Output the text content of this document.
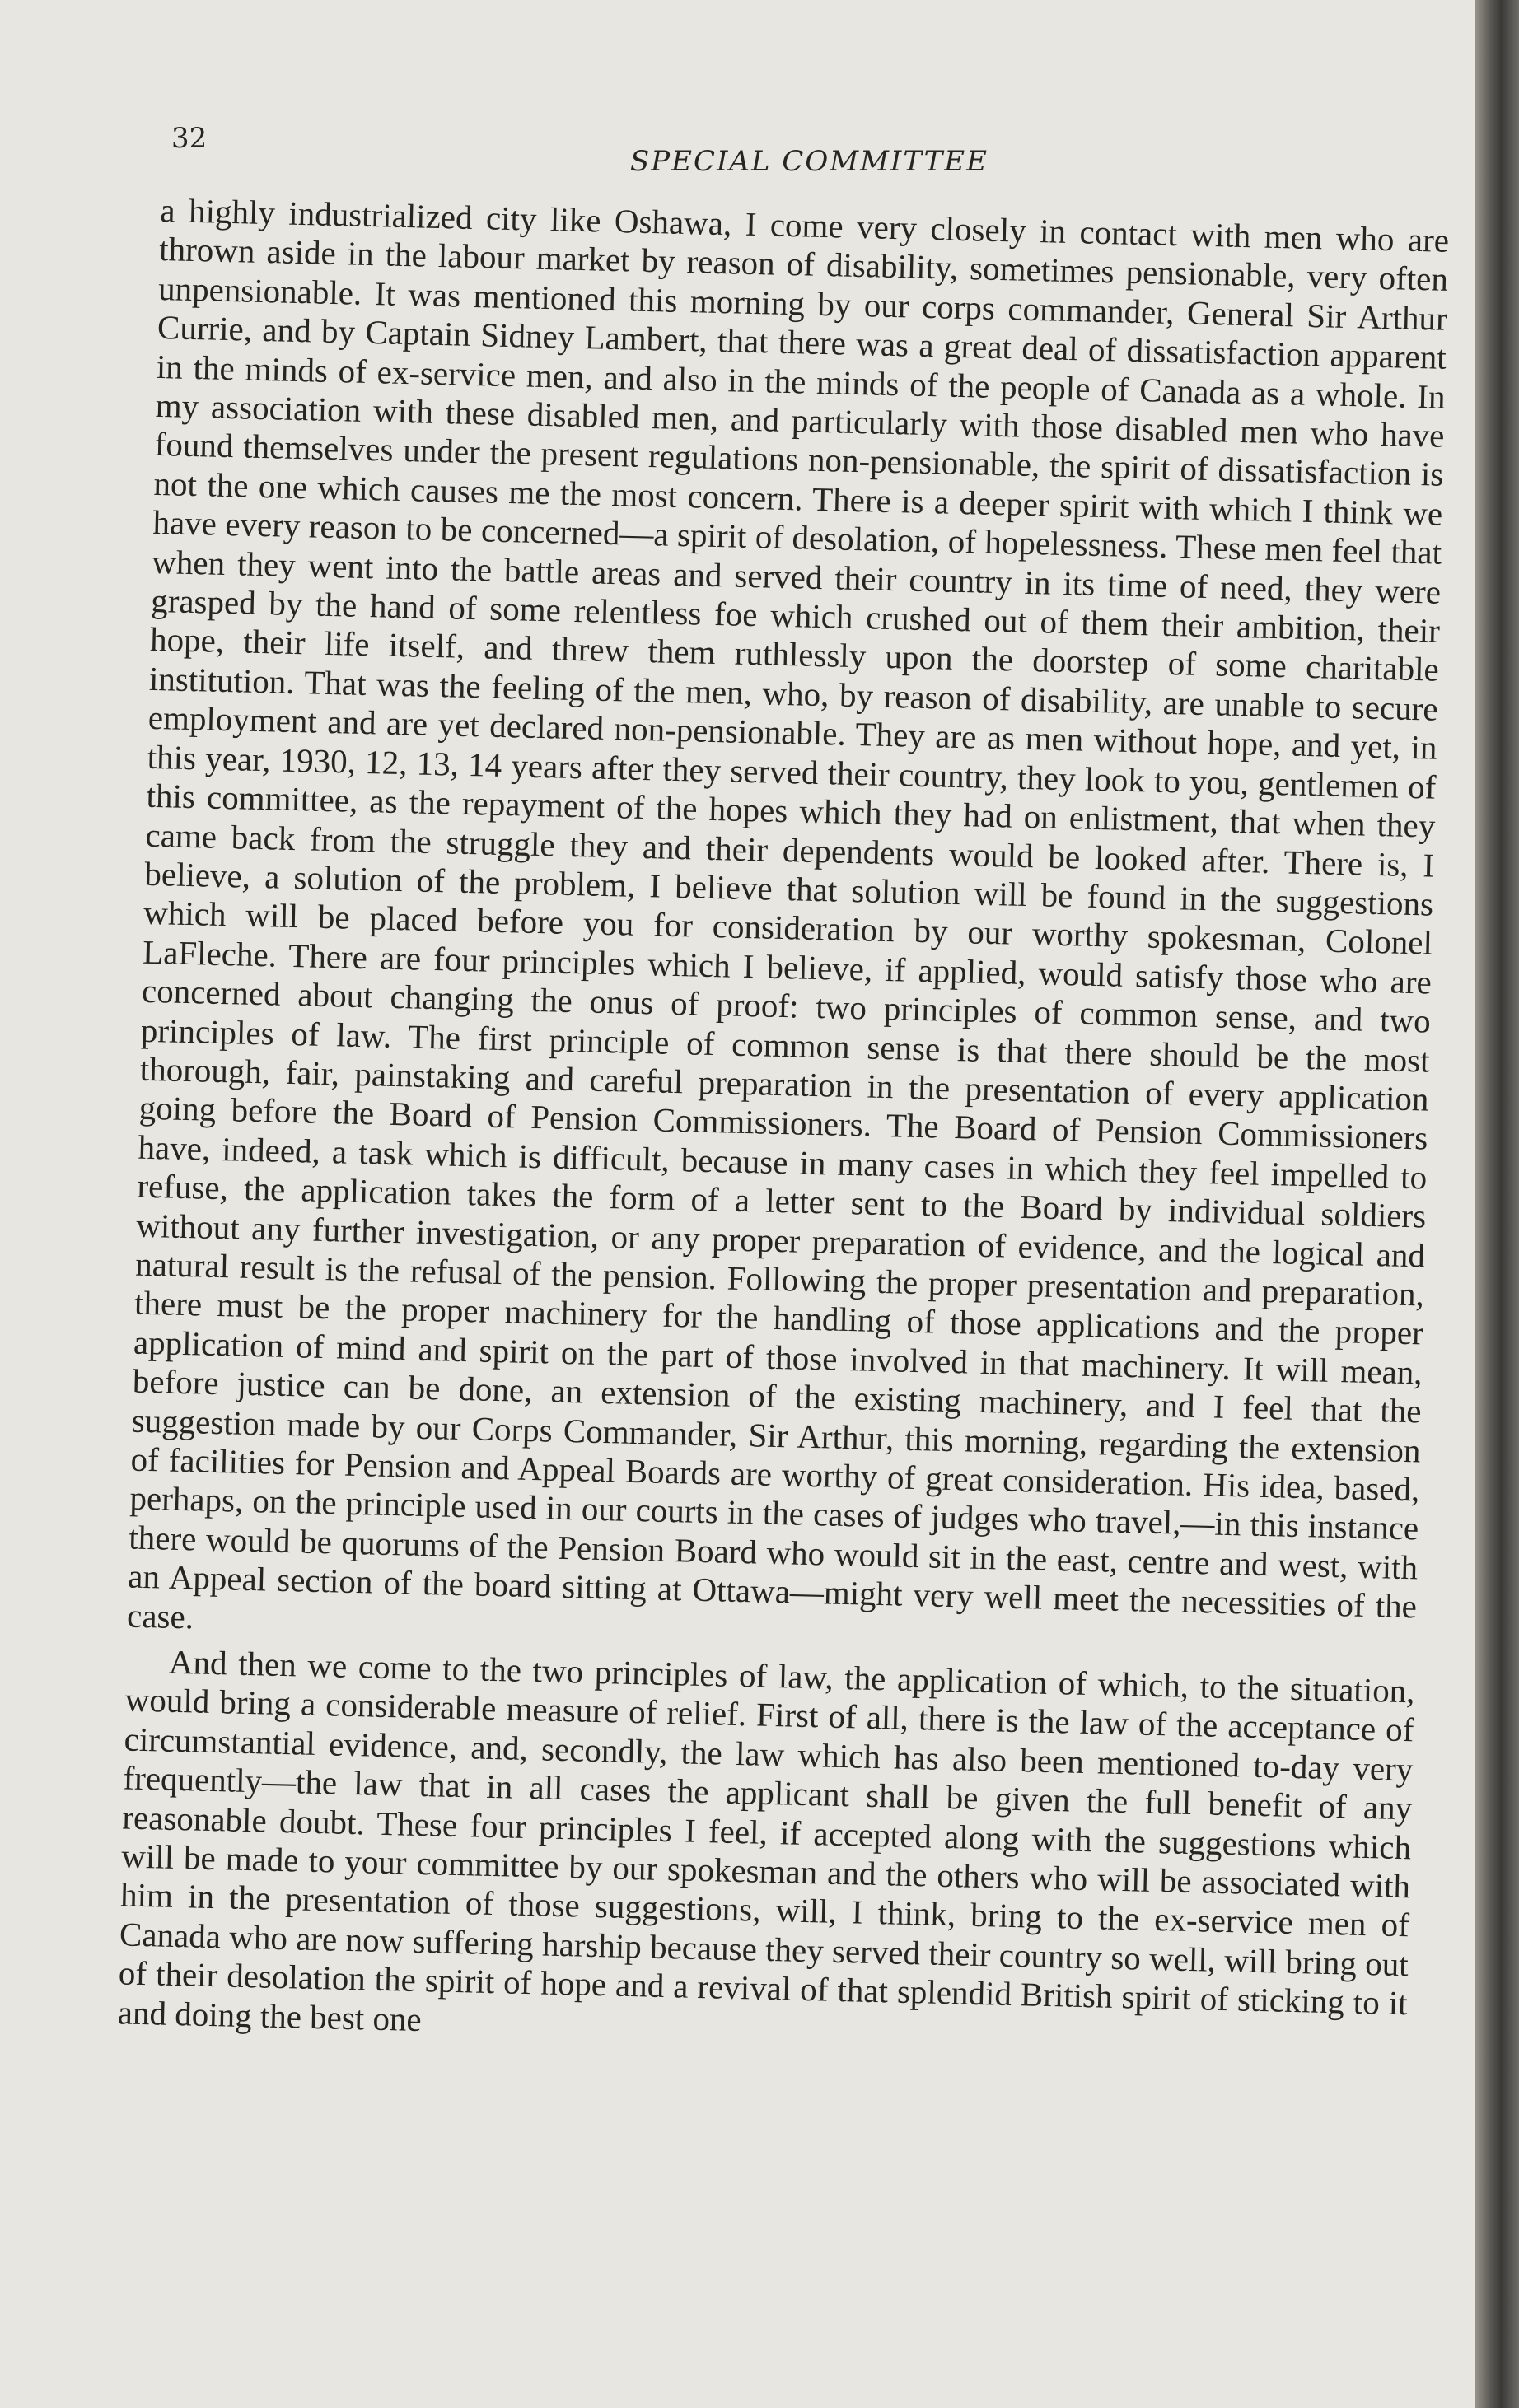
32
SPECIAL COMMITTEE

a highly industrialized city like Oshawa, I come very closely in contact with men who are thrown aside in the labour market by reason of disability, sometimes pensionable, very often unpensionable. It was mentioned this morning by our corps commander, General Sir Arthur Currie, and by Captain Sidney Lambert, that there was a great deal of dissatisfaction apparent in the minds of ex-service men, and also in the minds of the people of Canada as a whole. In my association with these disabled men, and particularly with those disabled men who have found themselves under the present regulations non-pensionable, the spirit of dissatisfaction is not the one which causes me the most concern. There is a deeper spirit with which I think we have every reason to be concerned—a spirit of desolation, of hopelessness. These men feel that when they went into the battle areas and served their country in its time of need, they were grasped by the hand of some relentless foe which crushed out of them their ambition, their hope, their life itself, and threw them ruthlessly upon the doorstep of some charitable institution. That was the feeling of the men, who, by reason of disability, are unable to secure employment and are yet declared non-pensionable. They are as men without hope, and yet, in this year, 1930, 12, 13, 14 years after they served their country, they look to you, gentlemen of this committee, as the repayment of the hopes which they had on enlistment, that when they came back from the struggle they and their dependents would be looked after. There is, I believe, a solution of the problem, I believe that solution will be found in the suggestions which will be placed before you for consideration by our worthy spokesman, Colonel LaFleche. There are four principles which I believe, if applied, would satisfy those who are concerned about changing the onus of proof: two principles of common sense, and two principles of law. The first principle of common sense is that there should be the most thorough, fair, painstaking and careful preparation in the presentation of every application going before the Board of Pension Commissioners. The Board of Pension Commissioners have, indeed, a task which is difficult, because in many cases in which they feel impelled to refuse, the application takes the form of a letter sent to the Board by individual soldiers without any further investigation, or any proper preparation of evidence, and the logical and natural result is the refusal of the pension. Following the proper presentation and preparation, there must be the proper machinery for the handling of those applications and the proper application of mind and spirit on the part of those involved in that machinery. It will mean, before justice can be done, an extension of the existing machinery, and I feel that the suggestion made by our Corps Commander, Sir Arthur, this morning, regarding the extension of facilities for Pension and Appeal Boards are worthy of great consideration. His idea, based, perhaps, on the principle used in our courts in the cases of judges who travel,—in this instance there would be quorums of the Pension Board who would sit in the east, centre and west, with an Appeal section of the board sitting at Ottawa—might very well meet the necessities of the case.

And then we come to the two principles of law, the application of which, to the situation, would bring a considerable measure of relief. First of all, there is the law of the acceptance of circumstantial evidence, and, secondly, the law which has also been mentioned to-day very frequently—the law that in all cases the applicant shall be given the full benefit of any reasonable doubt. These four principles I feel, if accepted along with the suggestions which will be made to your committee by our spokesman and the others who will be associated with him in the presentation of those suggestions, will, I think, bring to the ex-service men of Canada who are now suffering harship because they served their country so well, will bring out of their desolation the spirit of hope and a revival of that splendid British spirit of sticking to it and doing the best one
